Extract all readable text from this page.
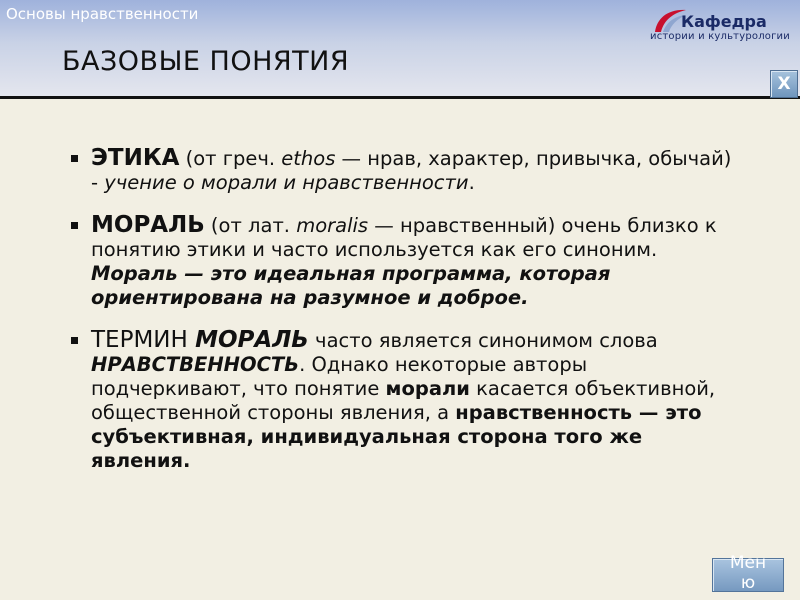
Основы нравственности
БАЗОВЫЕ ПОНЯТИЯ
Кафедра
истории и культурологии
X
ЭТИКА (от греч. ethos — нрав, характер, привычка, обычай) - учение о морали и нравственности.
МОРАЛЬ (от лат. moralis — нравственный) очень близко к понятию этики и часто используется как его синоним. Мораль — это идеальная программа, которая ориентирована на разумное и доброе.
ТЕРМИН МОРАЛЬ часто является синонимом слова НРАВСТВЕННОСТЬ. Однако некоторые авторы подчеркивают, что понятие морали касается объективной, общественной стороны явления, а нравственность — это субъективная, индивидуальная сторона того же явления.
Мен
ю
